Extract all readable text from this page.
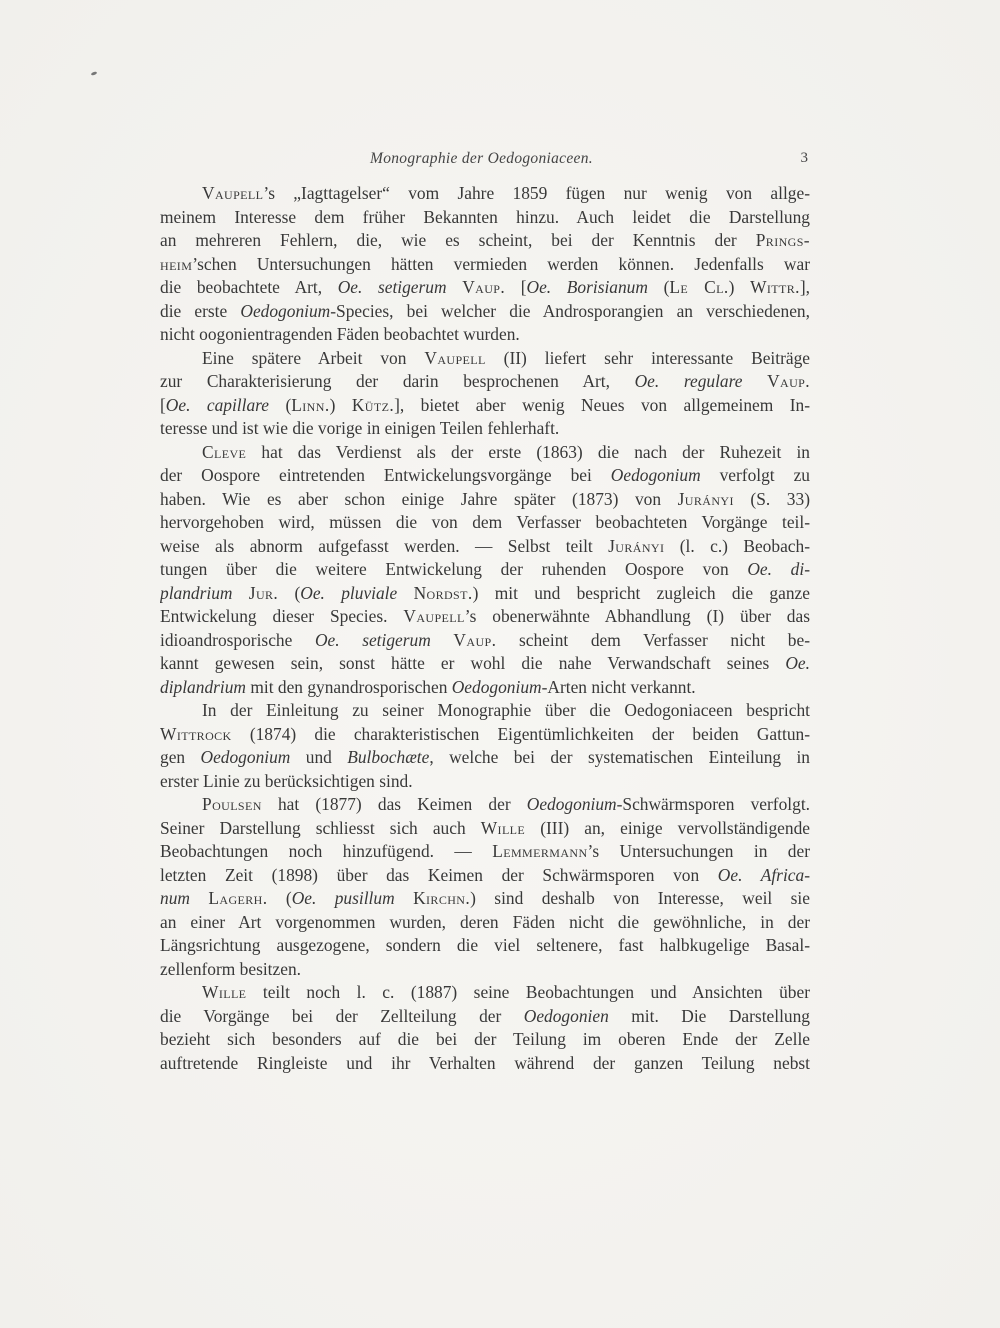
Monographie der Oedogoniaceen.	3
Vaupell’s „Iagttagelser“ vom Jahre 1859 fügen nur wenig von allge-
meinem Interesse dem früher Bekannten hinzu. Auch leidet die Darstellung
an mehreren Fehlern, die, wie es scheint, bei der Kenntnis der Prings-
heim’schen Untersuchungen hätten vermieden werden können. Jedenfalls war
die beobachtete Art, Oe. setigerum Vaup. [Oe. Borisianum (Le Cl.) Wittr.],
die erste Oedogonium-Species, bei welcher die Androsporangien an verschiedenen,
nicht oogonientragenden Fäden beobachtet wurden.
Eine spätere Arbeit von Vaupell (II) liefert sehr interessante Beiträge
zur Charakterisierung der darin besprochenen Art, Oe. regulare Vaup.
[Oe. capillare (Linn.) Kütz.], bietet aber wenig Neues von allgemeinem In-
teresse und ist wie die vorige in einigen Teilen fehlerhaft.
Cleve hat das Verdienst als der erste (1863) die nach der Ruhezeit in
der Oospore eintretenden Entwickelungsvorgänge bei Oedogonium verfolgt zu
haben. Wie es aber schon einige Jahre später (1873) von Jurányi (S. 33)
hervorgehoben wird, müssen die von dem Verfasser beobachteten Vorgänge teil-
weise als abnorm aufgefasst werden. — Selbst teilt Jurányi (l. c.) Beobach-
tungen über die weitere Entwickelung der ruhenden Oospore von Oe. di-
plandrium Jur. (Oe. pluviale Nordst.) mit und bespricht zugleich die ganze
Entwickelung dieser Species. Vaupell’s obenerwähnte Abhandlung (I) über das
idioandrosporische Oe. setigerum Vaup. scheint dem Verfasser nicht be-
kannt gewesen sein, sonst hätte er wohl die nahe Verwandschaft seines Oe.
diplandrium mit den gynandrosporischen Oedogonium-Arten nicht verkannt.
In der Einleitung zu seiner Monographie über die Oedogoniaceen bespricht
Wittrock (1874) die charakteristischen Eigentümlichkeiten der beiden Gattun-
gen Oedogonium und Bulbochæte, welche bei der systematischen Einteilung in
erster Linie zu berücksichtigen sind.
Poulsen hat (1877) das Keimen der Oedogonium-Schwärmsporen verfolgt.
Seiner Darstellung schliesst sich auch Wille (III) an, einige vervollständigende
Beobachtungen noch hinzufügend. — Lemmermann’s Untersuchungen in der
letzten Zeit (1898) über das Keimen der Schwärmsporen von Oe. Africa-
num Lagerh. (Oe. pusillum Kirchn.) sind deshalb von Interesse, weil sie
an einer Art vorgenommen wurden, deren Fäden nicht die gewöhnliche, in der
Längsrichtung ausgezogene, sondern die viel seltenere, fast halbkugelige Basal-
zellenform besitzen.
Wille teilt noch l. c. (1887) seine Beobachtungen und Ansichten über
die Vorgänge bei der Zellteilung der Oedogonien mit. Die Darstellung
bezieht sich besonders auf die bei der Teilung im oberen Ende der Zelle
auftretende Ringleiste und ihr Verhalten während der ganzen Teilung nebst
